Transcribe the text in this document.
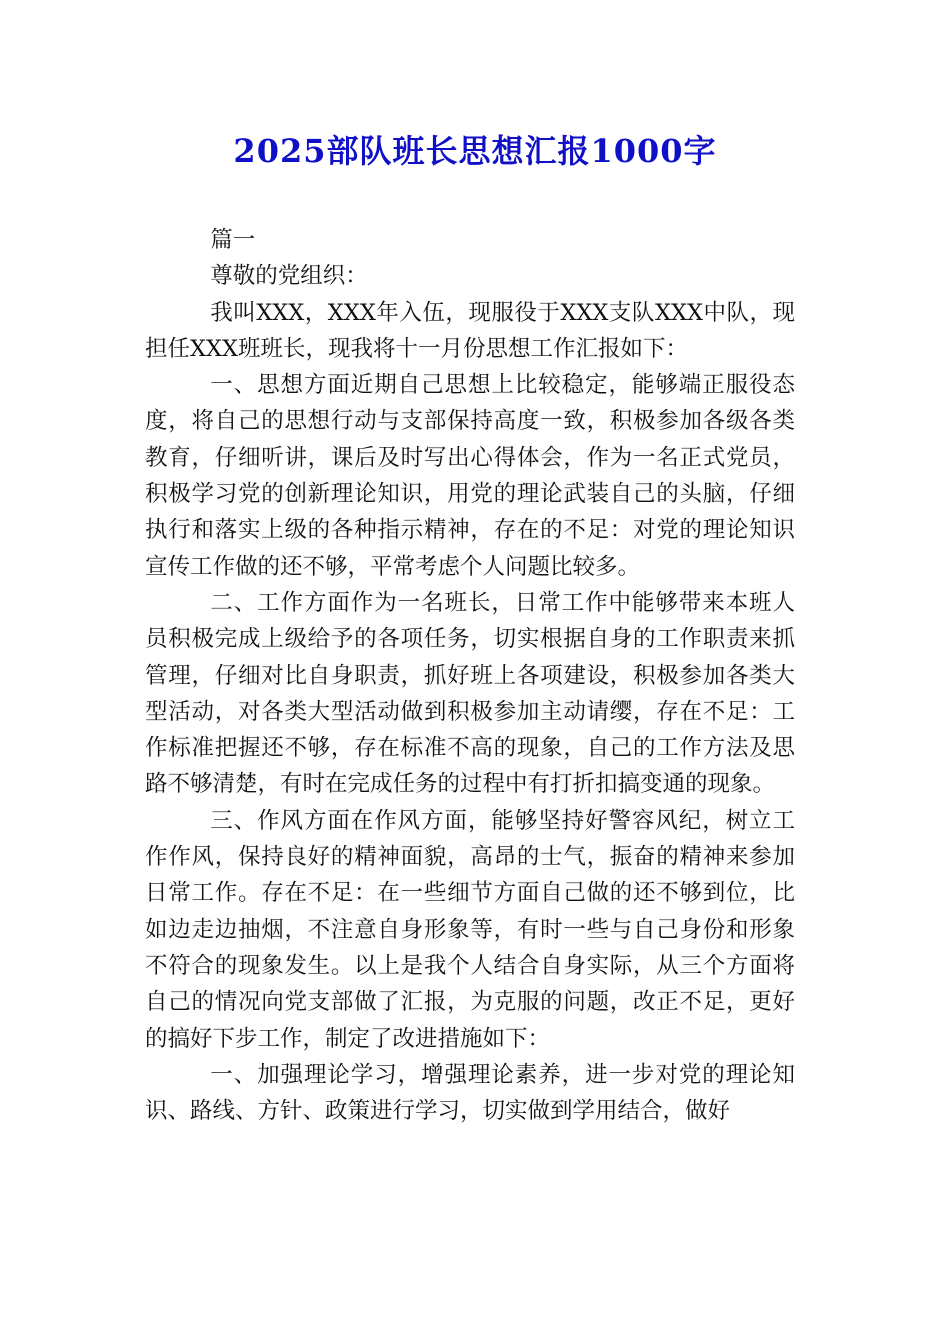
2025部队班长思想汇报1000字

篇一

尊敬的党组织：

我叫XXX，XXX年入伍，现服役于XXX支队XXX中队，现担任XXX班班长，现我将十一月份思想工作汇报如下：

一、思想方面近期自己思想上比较稳定，能够端正服役态度，将自己的思想行动与支部保持高度一致，积极参加各级各类教育，仔细听讲，课后及时写出心得体会，作为一名正式党员，积极学习党的创新理论知识，用党的理论武装自己的头脑，仔细执行和落实上级的各种指示精神，存在的不足：对党的理论知识宣传工作做的还不够，平常考虑个人问题比较多。

二、工作方面作为一名班长，日常工作中能够带来本班人员积极完成上级给予的各项任务，切实根据自身的工作职责来抓管理，仔细对比自身职责，抓好班上各项建设，积极参加各类大型活动，对各类大型活动做到积极参加主动请缨，存在不足：工作标准把握还不够，存在标准不高的现象，自己的工作方法及思路不够清楚，有时在完成任务的过程中有打折扣搞变通的现象。

三、作风方面在作风方面，能够坚持好警容风纪，树立工作作风，保持良好的精神面貌，高昂的士气，振奋的精神来参加日常工作。存在不足：在一些细节方面自己做的还不够到位，比如边走边抽烟，不注意自身形象等，有时一些与自己身份和形象不符合的现象发生。以上是我个人结合自身实际，从三个方面将自己的情况向党支部做了汇报，为克服的问题，改正不足，更好的搞好下步工作，制定了改进措施如下：

一、加强理论学习，增强理论素养，进一步对党的理论知识、路线、方针、政策进行学习，切实做到学用结合，做好
